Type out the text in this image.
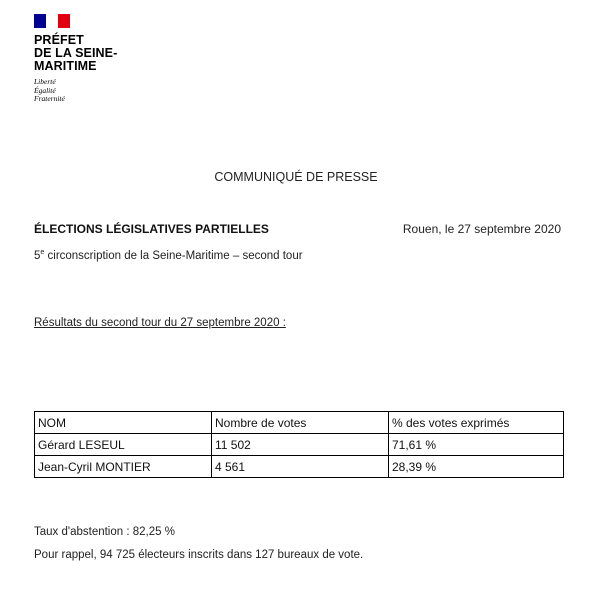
PRÉFET
DE LA SEINE-
MARITIME
Liberté
Égalité
Fraternité
COMMUNIQUÉ DE PRESSE
ÉLECTIONS LÉGISLATIVES PARTIELLES	Rouen, le 27 septembre 2020
5e circonscription de la Seine-Maritime – second tour
Résultats du second tour du 27 septembre 2020 :
NOM	Nombre de votes	% des votes exprimés
Gérard LESEUL	11 502	71,61 %
Jean-Cyril MONTIER	4 561	28,39 %
Taux d'abstention : 82,25 %
Pour rappel, 94 725 électeurs inscrits dans 127 bureaux de vote.
